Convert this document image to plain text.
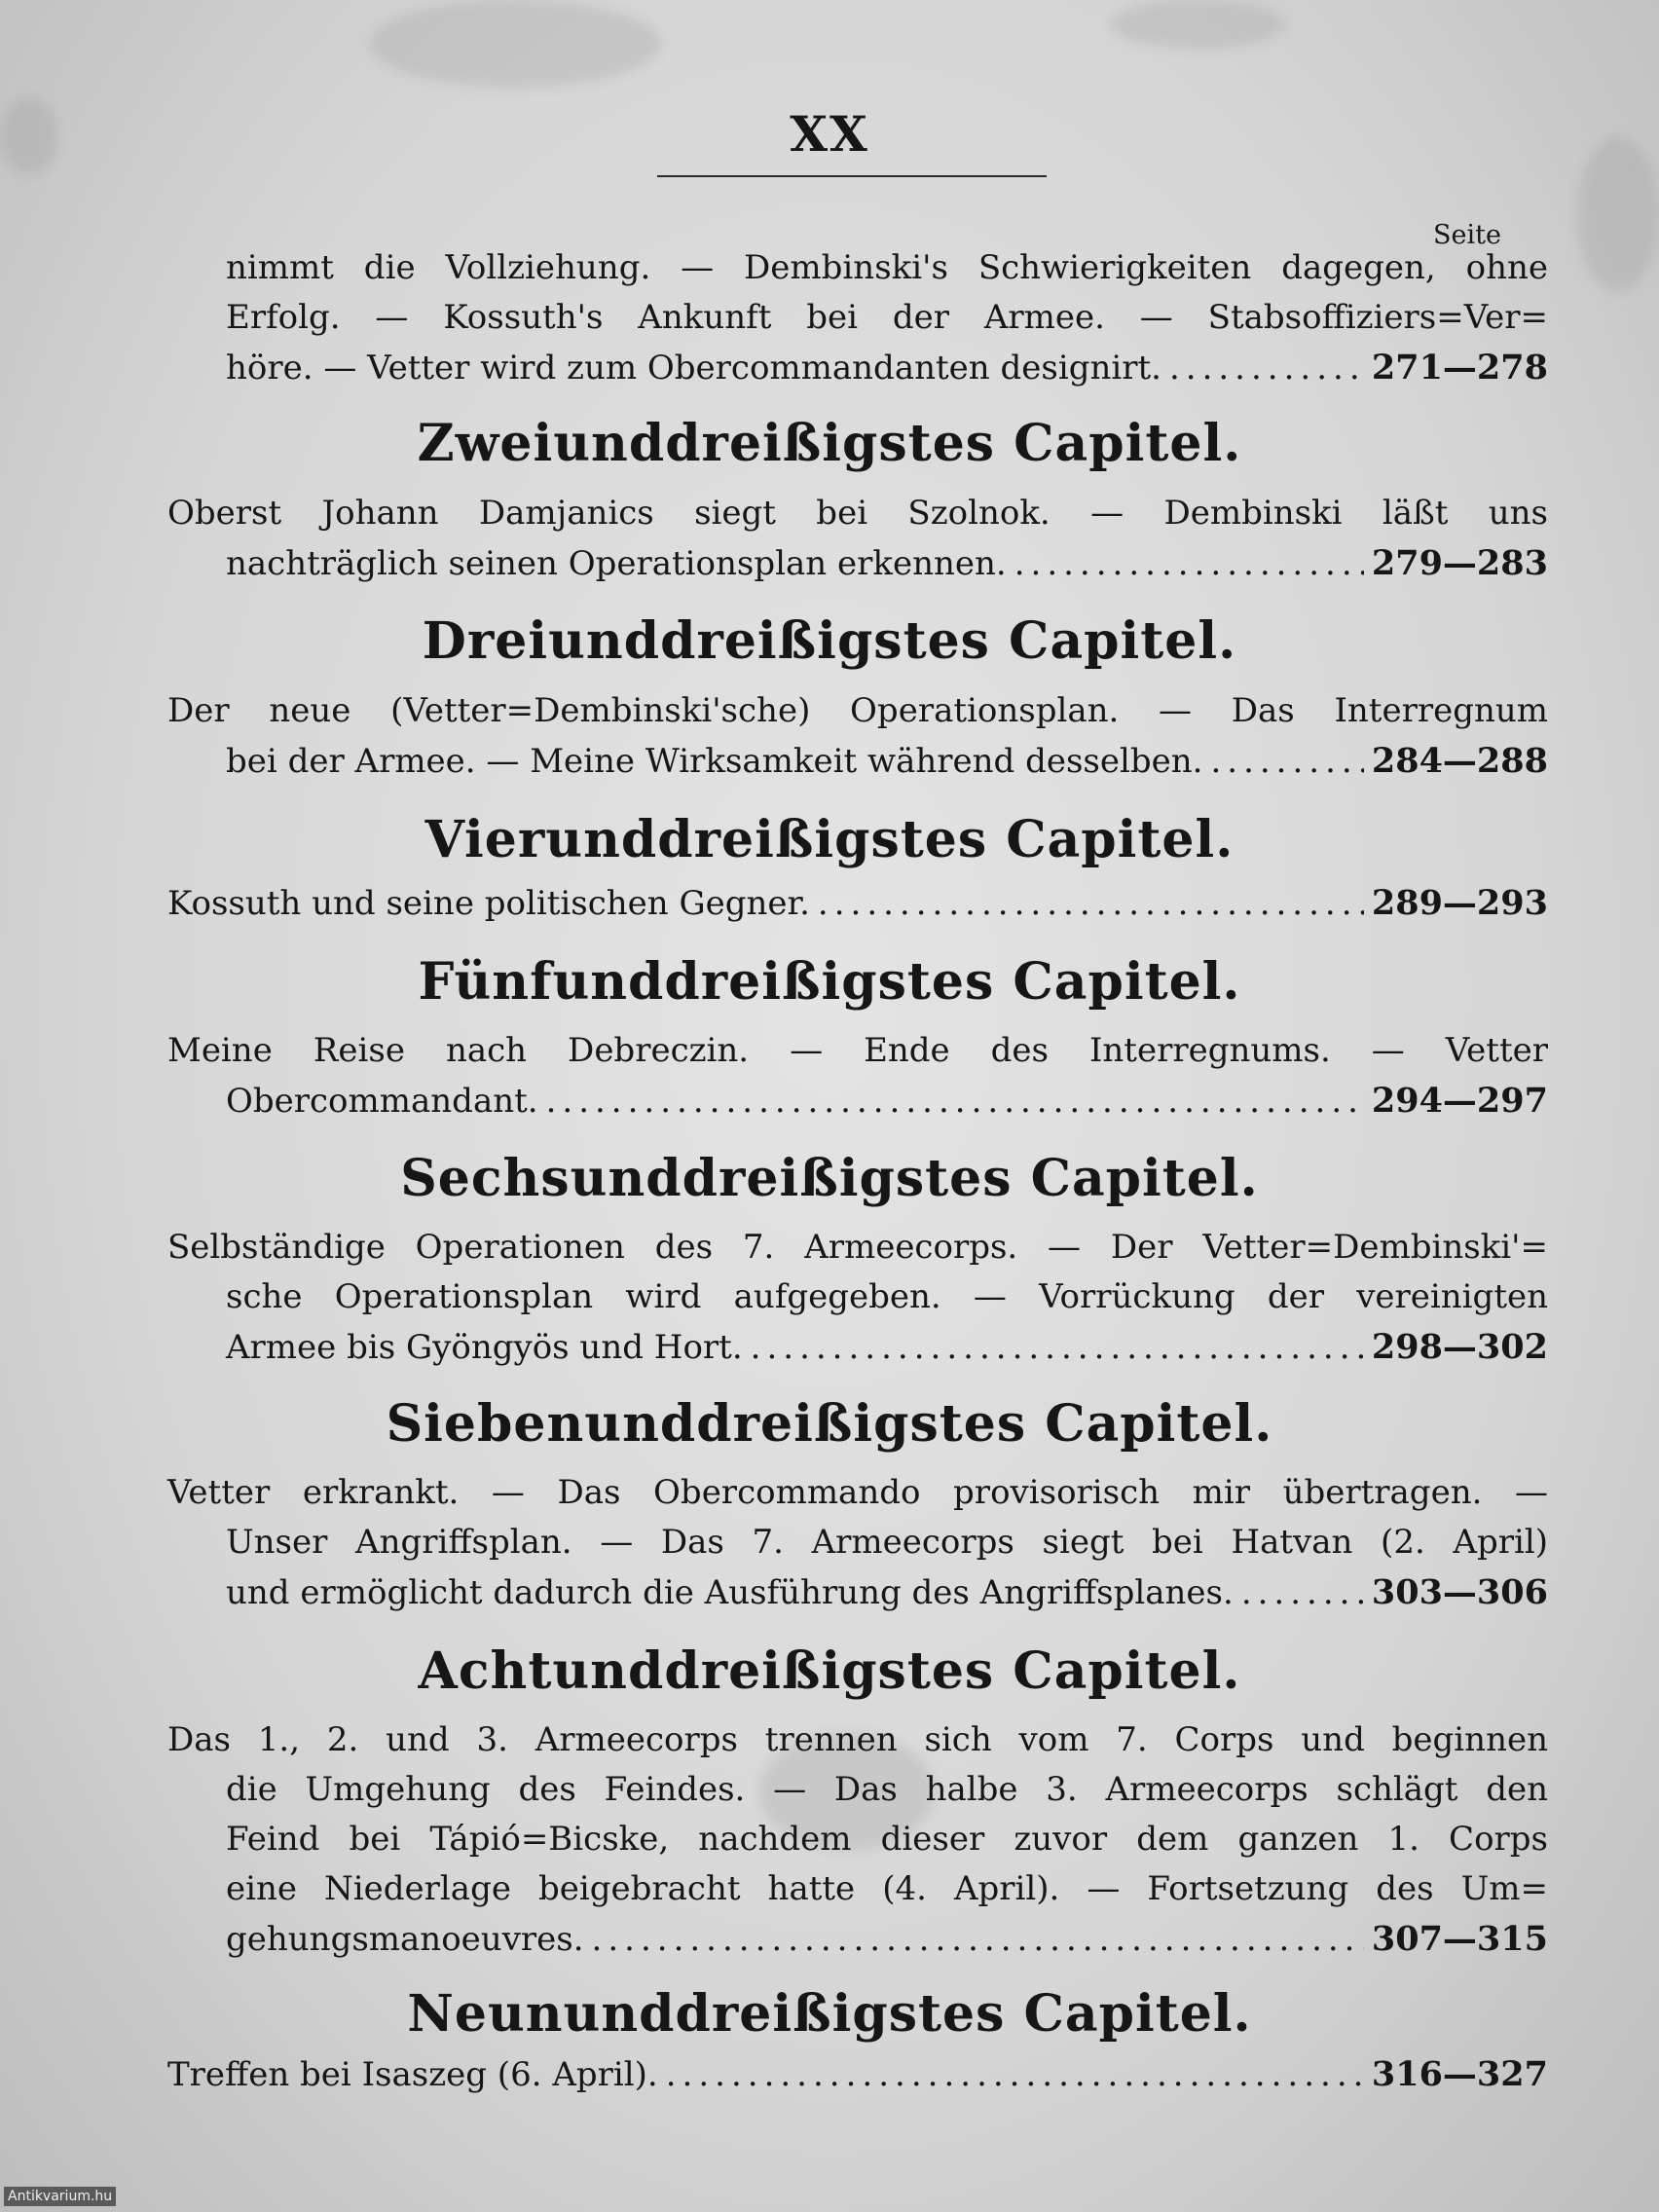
XX
Seite
nimmt die Vollziehung. — Dembinski's Schwierigkeiten dagegen, ohne
Erfolg. — Kossuth's Ankunft bei der Armee. — Stabsoffiziers=Ver=
höre. — Vetter wird zum Obercommandanten designirt. .....	271—278
Zweiunddreißigstes Capitel.
Oberst Johann Damjanics siegt bei Szolnok. — Dembinski läßt uns
nachträglich seinen Operationsplan erkennen. .....	279—283
Dreiunddreißigstes Capitel.
Der neue (Vetter=Dembinski'sche) Operationsplan. — Das Interregnum
bei der Armee. — Meine Wirksamkeit während desselben. .....	284—288
Vierunddreißigstes Capitel.
Kossuth und seine politischen Gegner. .....	289—293
Fünfunddreißigstes Capitel.
Meine Reise nach Debreczin. — Ende des Interregnums. — Vetter
Obercommandant. .....	294—297
Sechsunddreißigstes Capitel.
Selbständige Operationen des 7. Armeecorps. — Der Vetter=Dembinski'=
sche Operationsplan wird aufgegeben. — Vorrückung der vereinigten
Armee bis Gyöngyös und Hort. .....	298—302
Siebenunddreißigstes Capitel.
Vetter erkrankt. — Das Obercommando provisorisch mir übertragen. —
Unser Angriffsplan. — Das 7. Armeecorps siegt bei Hatvan (2. April)
und ermöglicht dadurch die Ausführung des Angriffsplanes. .....	303—306
Achtunddreißigstes Capitel.
Das 1., 2. und 3. Armeecorps trennen sich vom 7. Corps und beginnen
die Umgehung des Feindes. — Das halbe 3. Armeecorps schlägt den
Feind bei Tápió=Bicske, nachdem dieser zuvor dem ganzen 1. Corps
eine Niederlage beigebracht hatte (4. April). — Fortsetzung des Um=
gehungsmanoeuvres. .....	307—315
Neununddreißigstes Capitel.
Treffen bei Isaszeg (6. April). .....	316—327
Antikvarium.hu
